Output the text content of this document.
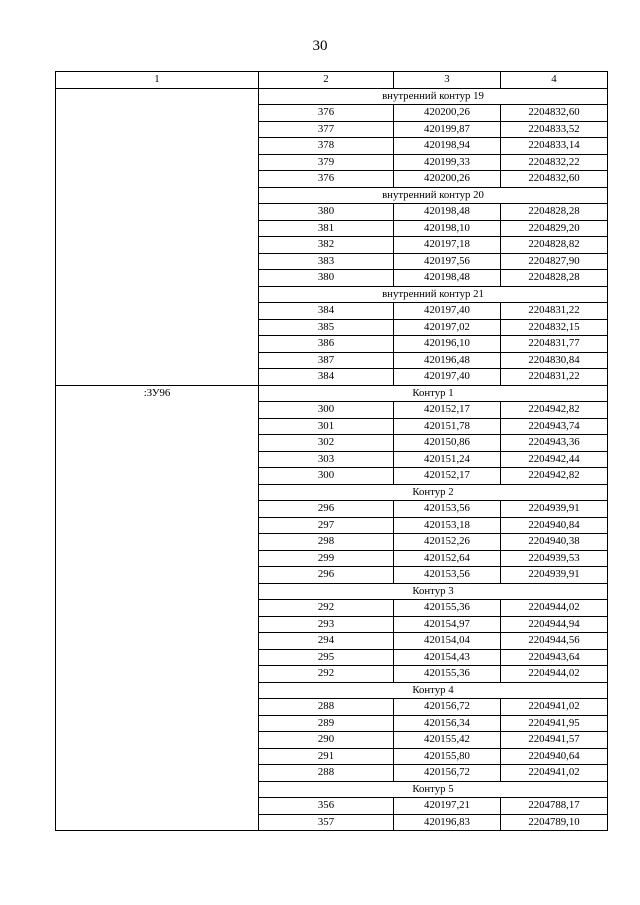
30
1	2	3	4
	внутренний контур 19		
	376	420200,26	2204832,60
	377	420199,87	2204833,52
	378	420198,94	2204833,14
	379	420199,33	2204832,22
	376	420200,26	2204832,60
	внутренний контур 20		
	380	420198,48	2204828,28
	381	420198,10	2204829,20
	382	420197,18	2204828,82
	383	420197,56	2204827,90
	380	420198,48	2204828,28
	внутренний контур 21		
	384	420197,40	2204831,22
	385	420197,02	2204832,15
	386	420196,10	2204831,77
	387	420196,48	2204830,84
	384	420197,40	2204831,22
:ЗУ96	Контур 1		
	300	420152,17	2204942,82
	301	420151,78	2204943,74
	302	420150,86	2204943,36
	303	420151,24	2204942,44
	300	420152,17	2204942,82
	Контур 2		
	296	420153,56	2204939,91
	297	420153,18	2204940,84
	298	420152,26	2204940,38
	299	420152,64	2204939,53
	296	420153,56	2204939,91
	Контур 3		
	292	420155,36	2204944,02
	293	420154,97	2204944,94
	294	420154,04	2204944,56
	295	420154,43	2204943,64
	292	420155,36	2204944,02
	Контур 4		
	288	420156,72	2204941,02
	289	420156,34	2204941,95
	290	420155,42	2204941,57
	291	420155,80	2204940,64
	288	420156,72	2204941,02
	Контур 5		
	356	420197,21	2204788,17
	357	420196,83	2204789,10
